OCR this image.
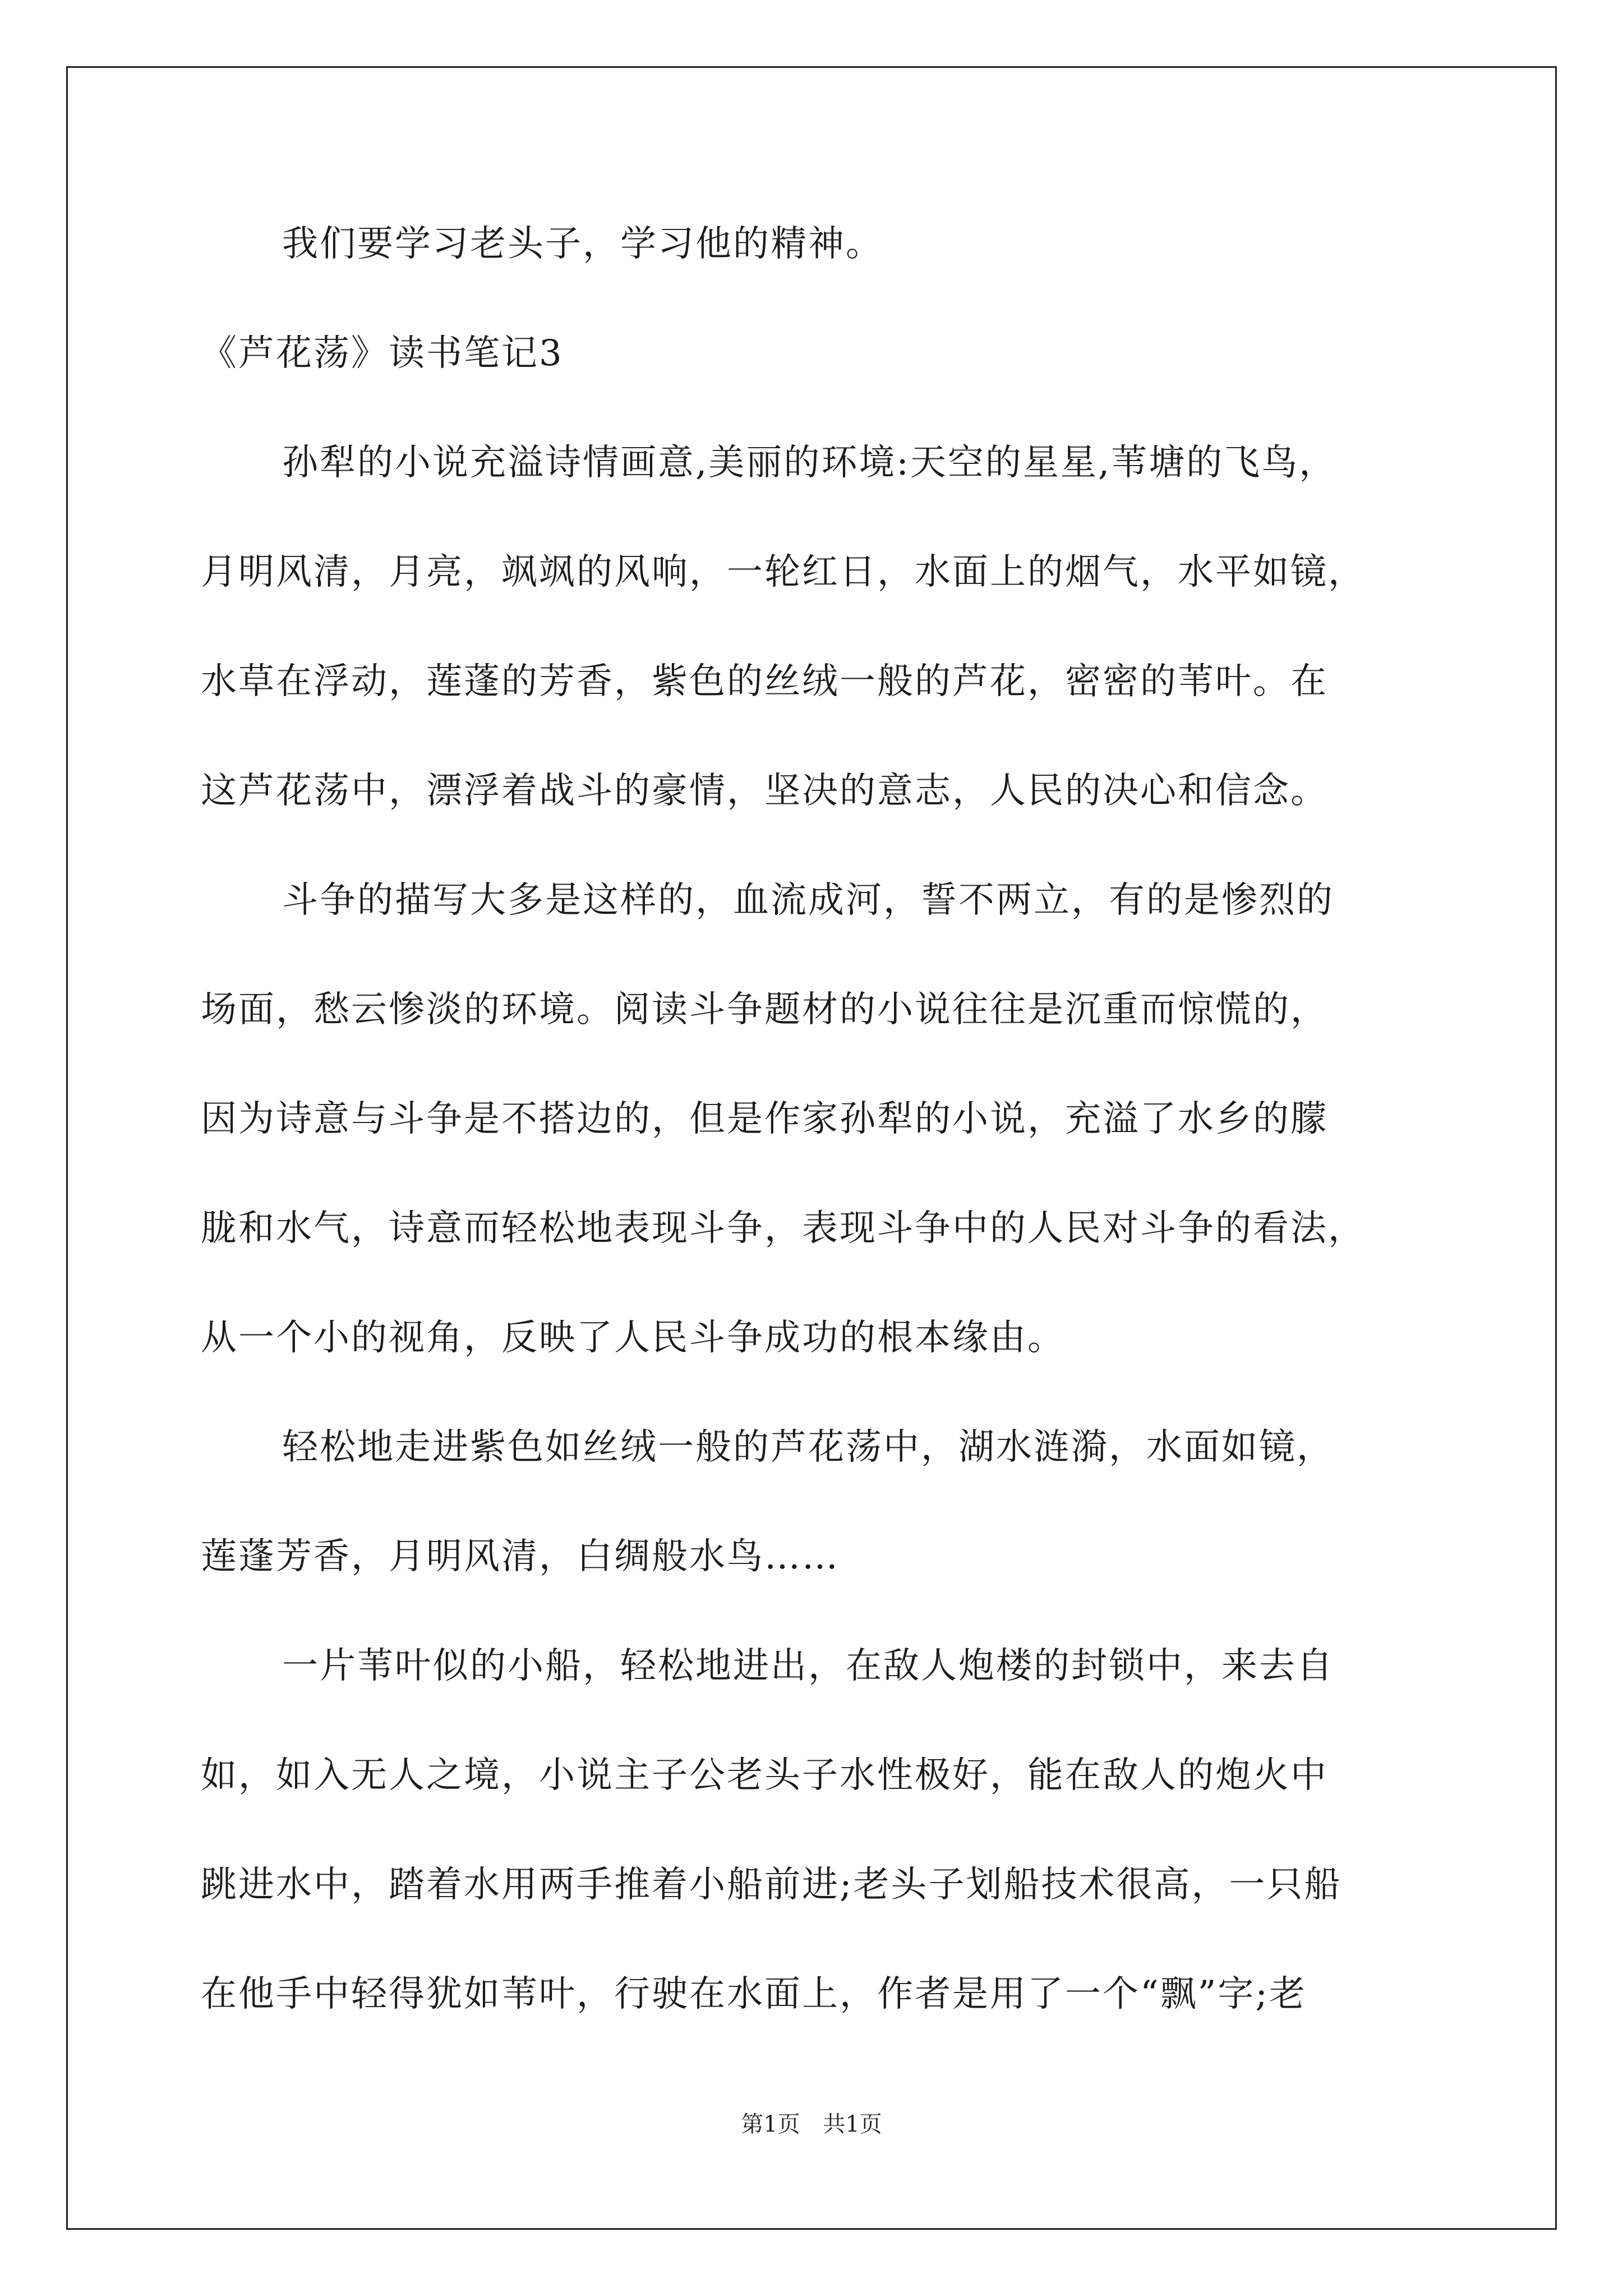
我们要学习老头子，学习他的精神。
《芦花荡》读书笔记3
孙犁的小说充溢诗情画意,美丽的环境:天空的星星,苇塘的飞鸟，
月明风清，月亮，飒飒的风响，一轮红日，水面上的烟气，水平如镜，
水草在浮动，莲蓬的芳香，紫色的丝绒一般的芦花，密密的苇叶。在
这芦花荡中，漂浮着战斗的豪情，坚决的意志，人民的决心和信念。
斗争的描写大多是这样的，血流成河，誓不两立，有的是惨烈的
场面，愁云惨淡的环境。阅读斗争题材的小说往往是沉重而惊慌的，
因为诗意与斗争是不搭边的，但是作家孙犁的小说，充溢了水乡的朦
胧和水气，诗意而轻松地表现斗争，表现斗争中的人民对斗争的看法，
从一个小的视角，反映了人民斗争成功的根本缘由。
轻松地走进紫色如丝绒一般的芦花荡中，湖水涟漪，水面如镜，
莲蓬芳香，月明风清，白绸般水鸟……
一片苇叶似的小船，轻松地进出，在敌人炮楼的封锁中，来去自
如，如入无人之境，小说主子公老头子水性极好，能在敌人的炮火中
跳进水中，踏着水用两手推着小船前进;老头子划船技术很高，一只船
在他手中轻得犹如苇叶，行驶在水面上，作者是用了一个“飘”字;老
第1页 共1页
